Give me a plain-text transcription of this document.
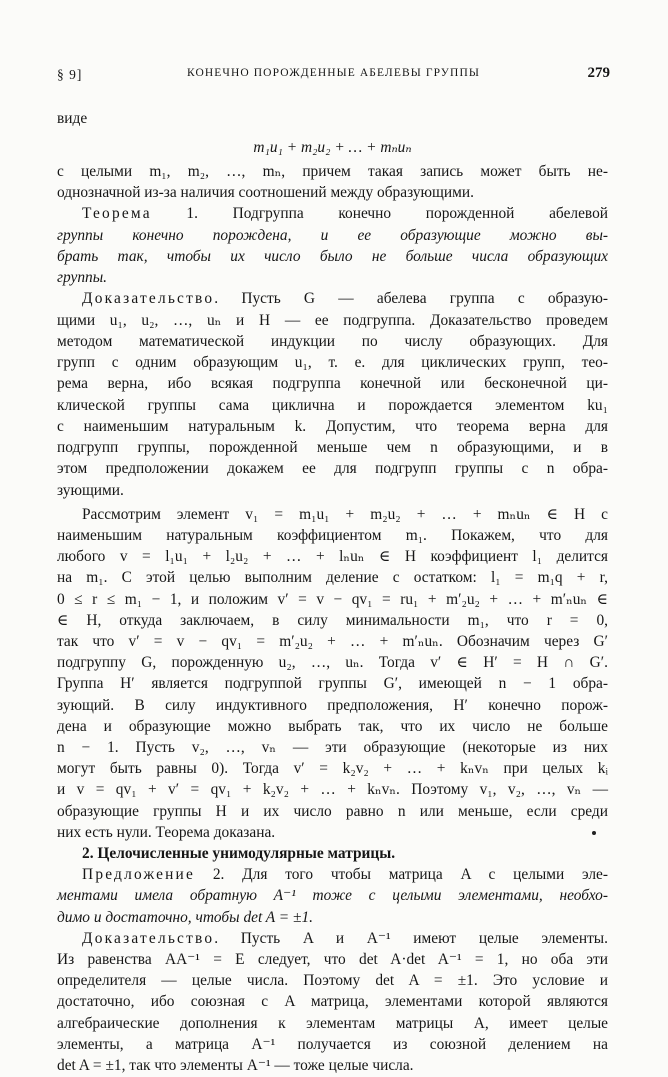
§ 9]	КОНЕЧНО ПОРОЖДЕННЫЕ АБЕЛЕВЫ ГРУППЫ	279
виде
m₁u₁ + m₂u₂ + … + mₙuₙ
с целыми m₁, m₂, …, mₙ, причем такая запись может быть не-
однозначной из-за наличия соотношений между образующими.
Теорема 1. Подгруппа конечно порожденной абелевой
группы конечно порождена, и ее образующие можно вы-
брать так, чтобы их число было не больше числа образующих
группы.
Доказательство. Пусть G — абелева группа с образую-
щими u₁, u₂, …, uₙ и H — ее подгруппа. Доказательство проведем
методом математической индукции по числу образующих. Для
групп с одним образующим u₁, т. е. для циклических групп, тео-
рема верна, ибо всякая подгруппа конечной или бесконечной ци-
клической группы сама циклична и порождается элементом ku₁
с наименьшим натуральным k. Допустим, что теорема верна для
подгрупп группы, порожденной меньше чем n образующими, и в
этом предположении докажем ее для подгрупп группы с n обра-
зующими.
Рассмотрим элемент v₁ = m₁u₁ + m₂u₂ + … + mₙuₙ ∈ H с
наименьшим натуральным коэффициентом m₁. Покажем, что для
любого v = l₁u₁ + l₂u₂ + … + lₙuₙ ∈ H коэффициент l₁ делится
на m₁. С этой целью выполним деление с остатком: l₁ = m₁q + r,
0 ≤ r ≤ m₁ − 1, и положим v′ = v − qv₁ = ru₁ + m′₂u₂ + … + m′ₙuₙ ∈
∈ H, откуда заключаем, в силу минимальности m₁, что r = 0,
так что v′ = v − qv₁ = m′₂u₂ + … + m′ₙuₙ. Обозначим через G′
подгруппу G, порожденную u₂, …, uₙ. Тогда v′ ∈ H′ = H ∩ G′.
Группа H′ является подгруппой группы G′, имеющей n − 1 обра-
зующий. В силу индуктивного предположения, H′ конечно порож-
дена и образующие можно выбрать так, что их число не больше
n − 1. Пусть v₂, …, vₙ — эти образующие (некоторые из них
могут быть равны 0). Тогда v′ = k₂v₂ + … + kₙvₙ при целых kᵢ
и v = qv₁ + v′ = qv₁ + k₂v₂ + … + kₙvₙ. Поэтому v₁, v₂, …, vₙ —
образующие группы H и их число равно n или меньше, если среди
них есть нули. Теорема доказана.
2. Целочисленные унимодулярные матрицы.
Предложение 2. Для того чтобы матрица A с целыми эле-
ментами имела обратную A⁻¹ тоже с целыми элементами, необхо-
димо и достаточно, чтобы det A = ±1.
Доказательство. Пусть A и A⁻¹ имеют целые элементы.
Из равенства AA⁻¹ = E следует, что det A·det A⁻¹ = 1, но оба эти
определителя — целые числа. Поэтому det A = ±1. Это условие и
достаточно, ибо союзная с A матрица, элементами которой являются
алгебраические дополнения к элементам матрицы A, имеет целые
элементы, а матрица A⁻¹ получается из союзной делением на
det A = ±1, так что элементы A⁻¹ — тоже целые числа.
